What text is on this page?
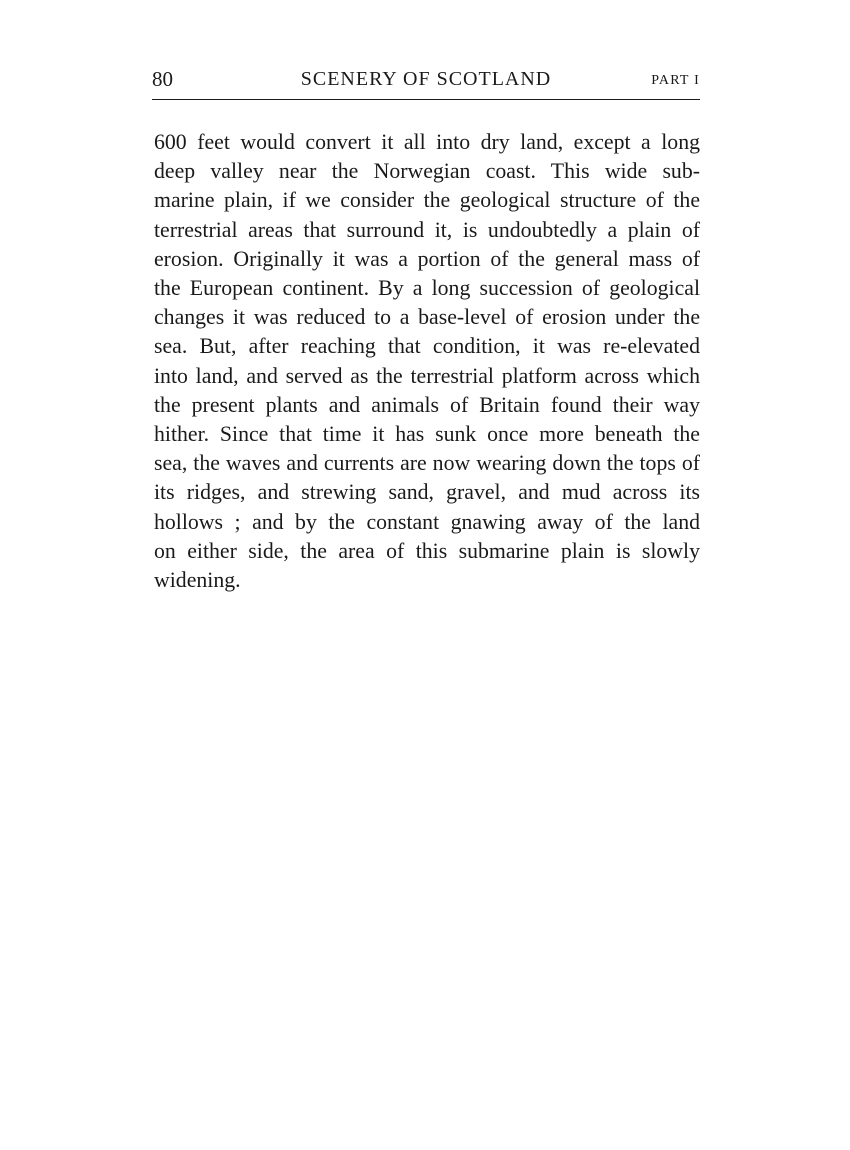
80	SCENERY OF SCOTLAND	PART I

600 feet would convert it all into dry land, except a long
deep valley near the Norwegian coast. This wide sub-
marine plain, if we consider the geological structure of the
terrestrial areas that surround it, is undoubtedly a plain of
erosion. Originally it was a portion of the general mass of
the European continent. By a long succession of geological
changes it was reduced to a base-level of erosion under the
sea. But, after reaching that condition, it was re-elevated
into land, and served as the terrestrial platform across which
the present plants and animals of Britain found their way
hither. Since that time it has sunk once more beneath the
sea, the waves and currents are now wearing down the tops of
its ridges, and strewing sand, gravel, and mud across its
hollows ; and by the constant gnawing away of the land
on either side, the area of this submarine plain is slowly
widening.
